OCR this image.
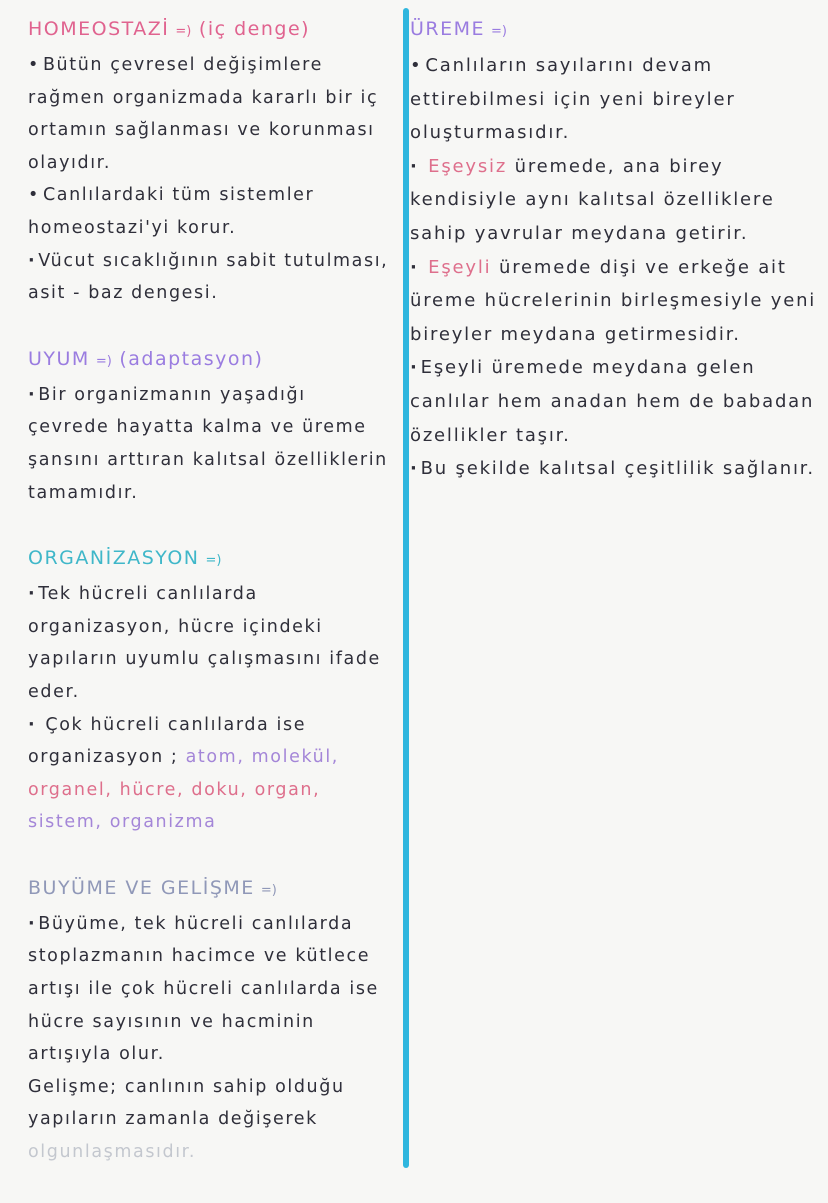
HOMEOSTAZİ =) (iç denge)

• Bütün çevresel değişimlere rağmen organizmada kararlı bir iç ortamın sağlanması ve korunması olayıdır.

• Canlılardaki tüm sistemler homeostazi'yi korur.

· Vücut sıcaklığının sabit tutulması, asit - baz dengesi.

UYUM =) (adaptasyon)

· Bir organizmanın yaşadığı çevrede hayatta kalma ve üreme şansını arttıran kalıtsal özelliklerin tamamıdır.

ORGANİZASYON =)

· Tek hücreli canlılarda organizasyon, hücre içindeki yapıların uyumlu çalışmasını ifade eder.

· Çok hücreli canlılarda ise organizasyon ; atom, molekül, organel, hücre, doku, organ, sistem, organizma

BUYÜME VE GELİŞME =)

· Büyüme, tek hücreli canlılarda stoplazmanın hacimce ve kütlece artışı ile çok hücreli canlılarda ise hücre sayısının ve hacminin artışıyla olur.

Gelişme; canlının sahip olduğu yapıların zamanla değişerek

olgunlaşmasıdır.

ÜREME =)

• Canlıların sayılarını devam ettirebilmesi için yeni bireyler oluşturmasıdır.

· Eşeysiz üremede, ana birey kendisiyle aynı kalıtsal özelliklere sahip yavrular meydana getirir.

· Eşeyli üremede dişi ve erkeğe ait üreme hücrelerinin birleşmesiyle yeni bireyler meydana getirmesidir.

· Eşeyli üremede meydana gelen canlılar hem anadan hem de babadan özellikler taşır.

· Bu şekilde kalıtsal çeşitlilik sağlanır.
